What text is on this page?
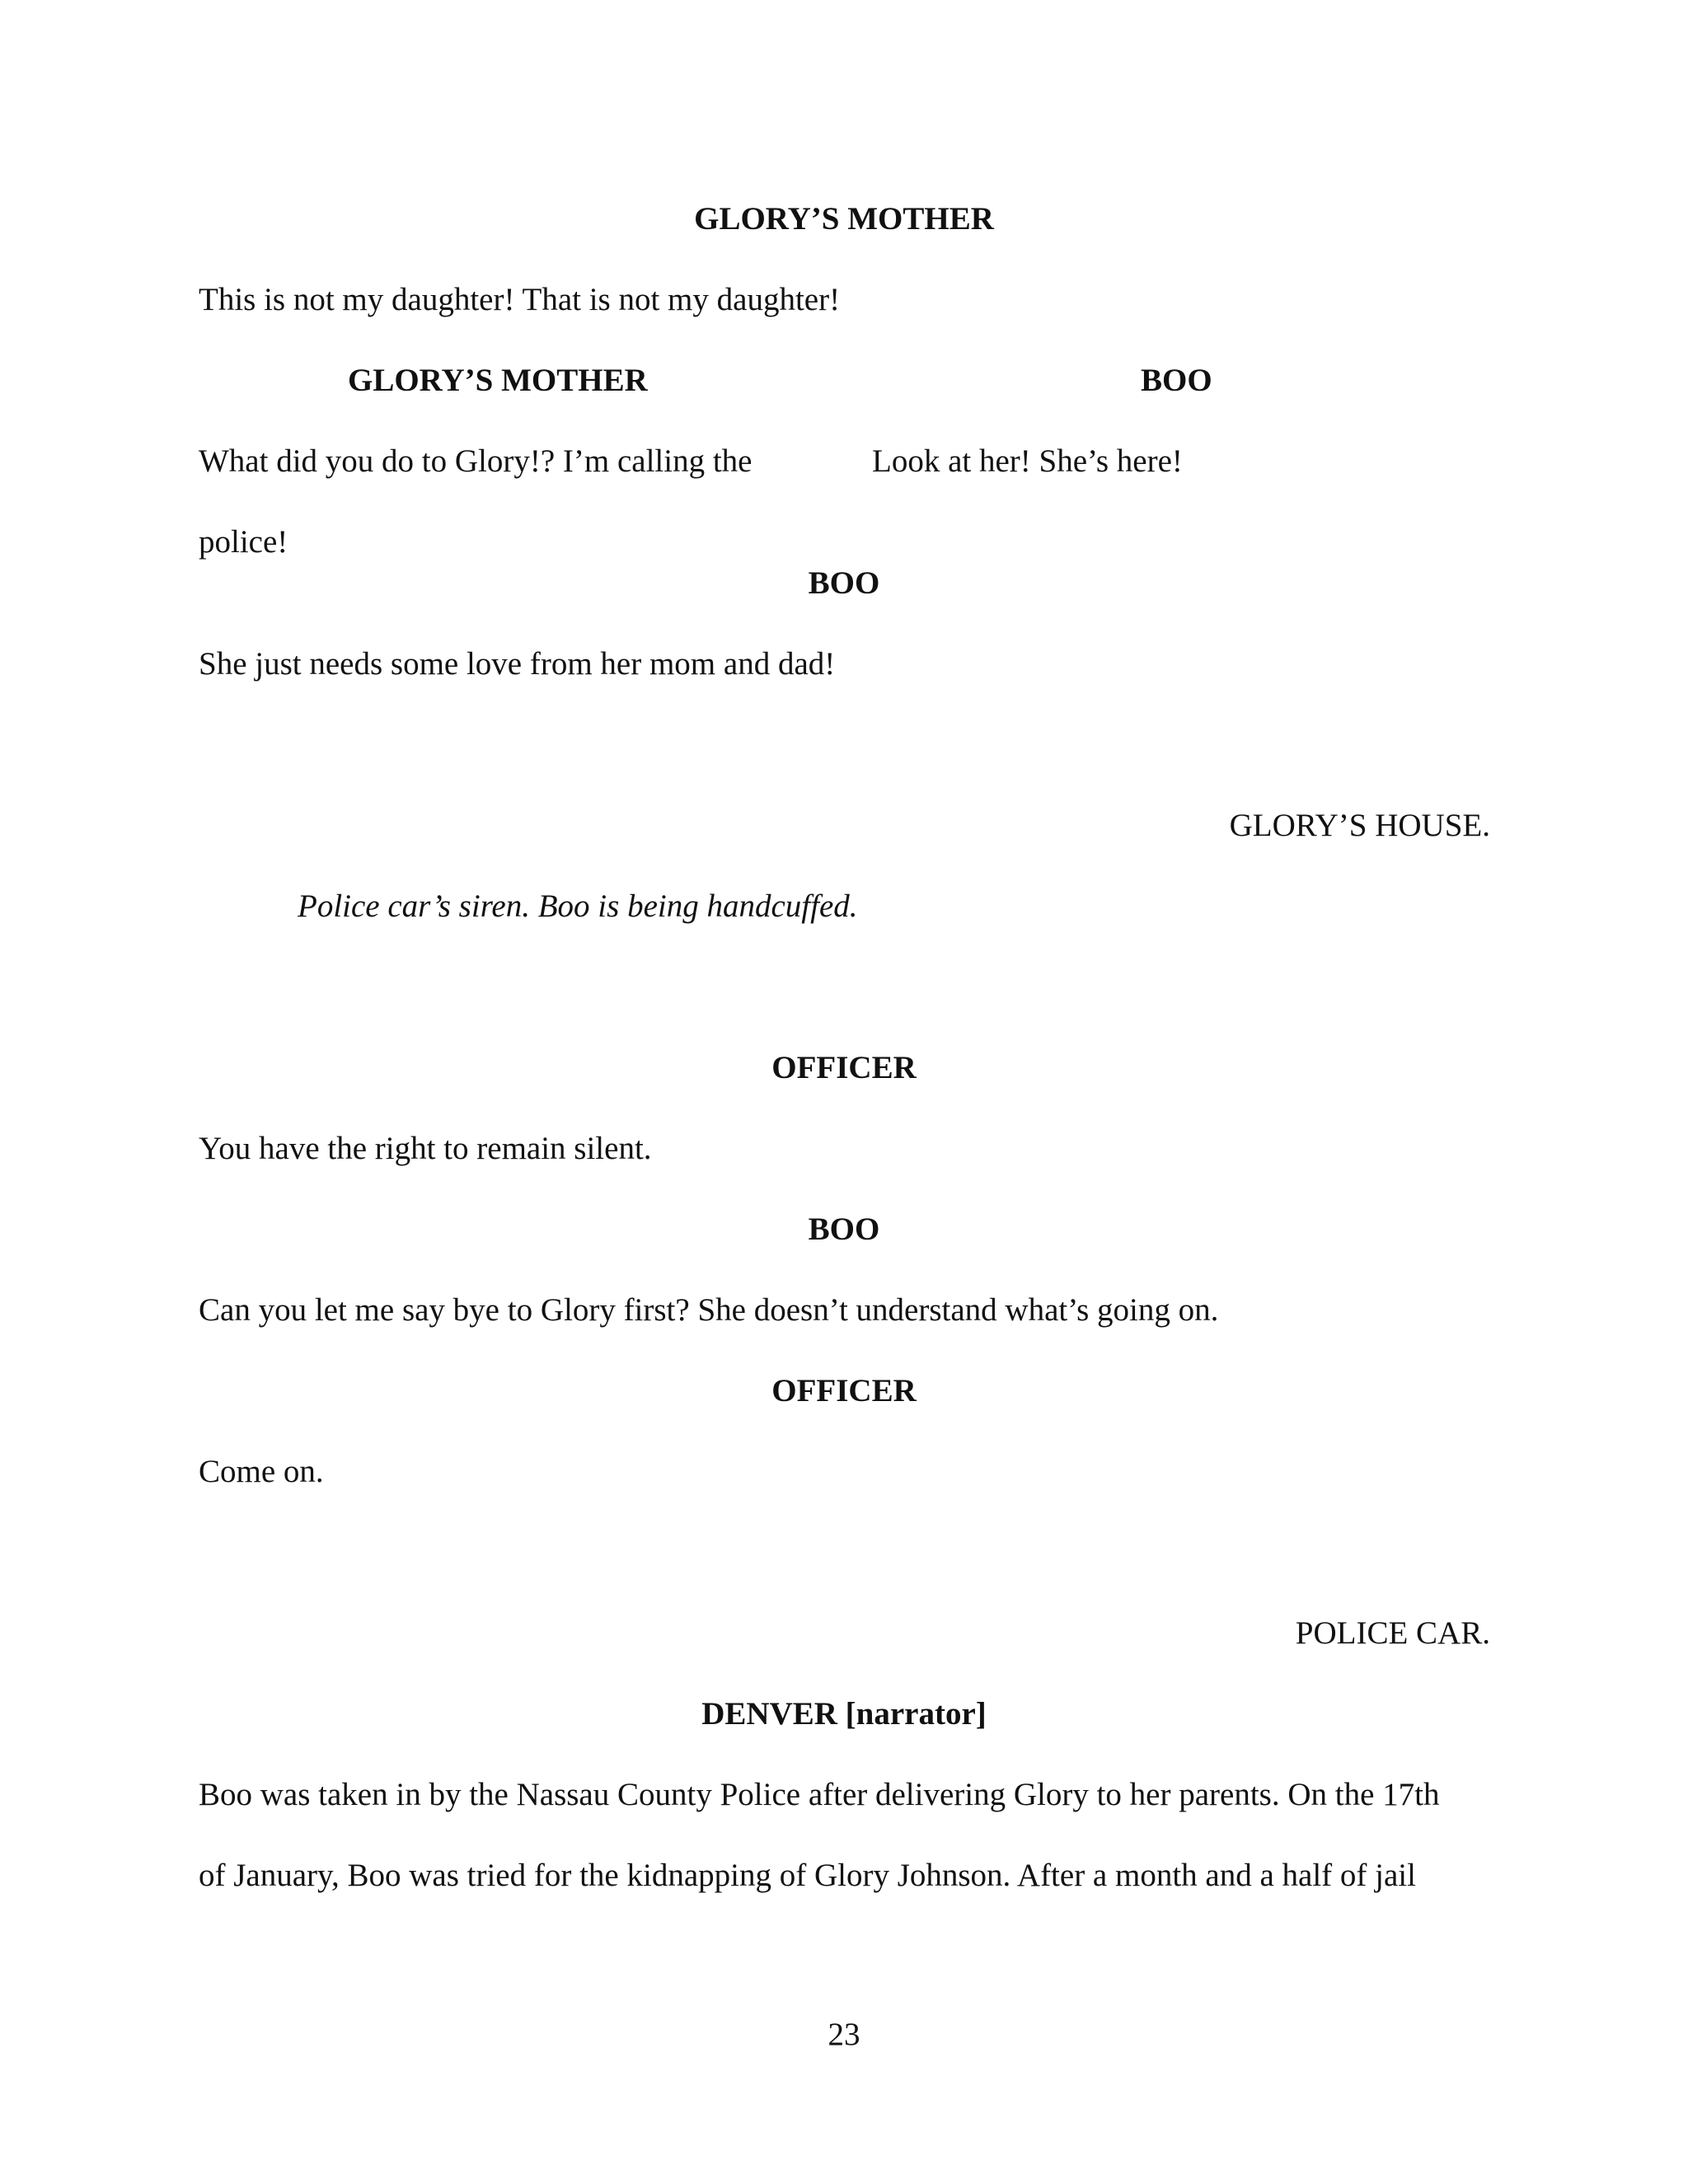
GLORY’S MOTHER
This is not my daughter! That is not my daughter!
GLORY’S MOTHER	BOO
What did you do to Glory!? I’m calling the	Look at her! She’s here!
police!
BOO
She just needs some love from her mom and dad!
GLORY’S HOUSE.
Police car’s siren. Boo is being handcuffed.
OFFICER
You have the right to remain silent.
BOO
Can you let me say bye to Glory first? She doesn’t understand what’s going on.
OFFICER
Come on.
POLICE CAR.
DENVER [narrator]
Boo was taken in by the Nassau County Police after delivering Glory to her parents. On the 17th
of January, Boo was tried for the kidnapping of Glory Johnson. After a month and a half of jail
23
